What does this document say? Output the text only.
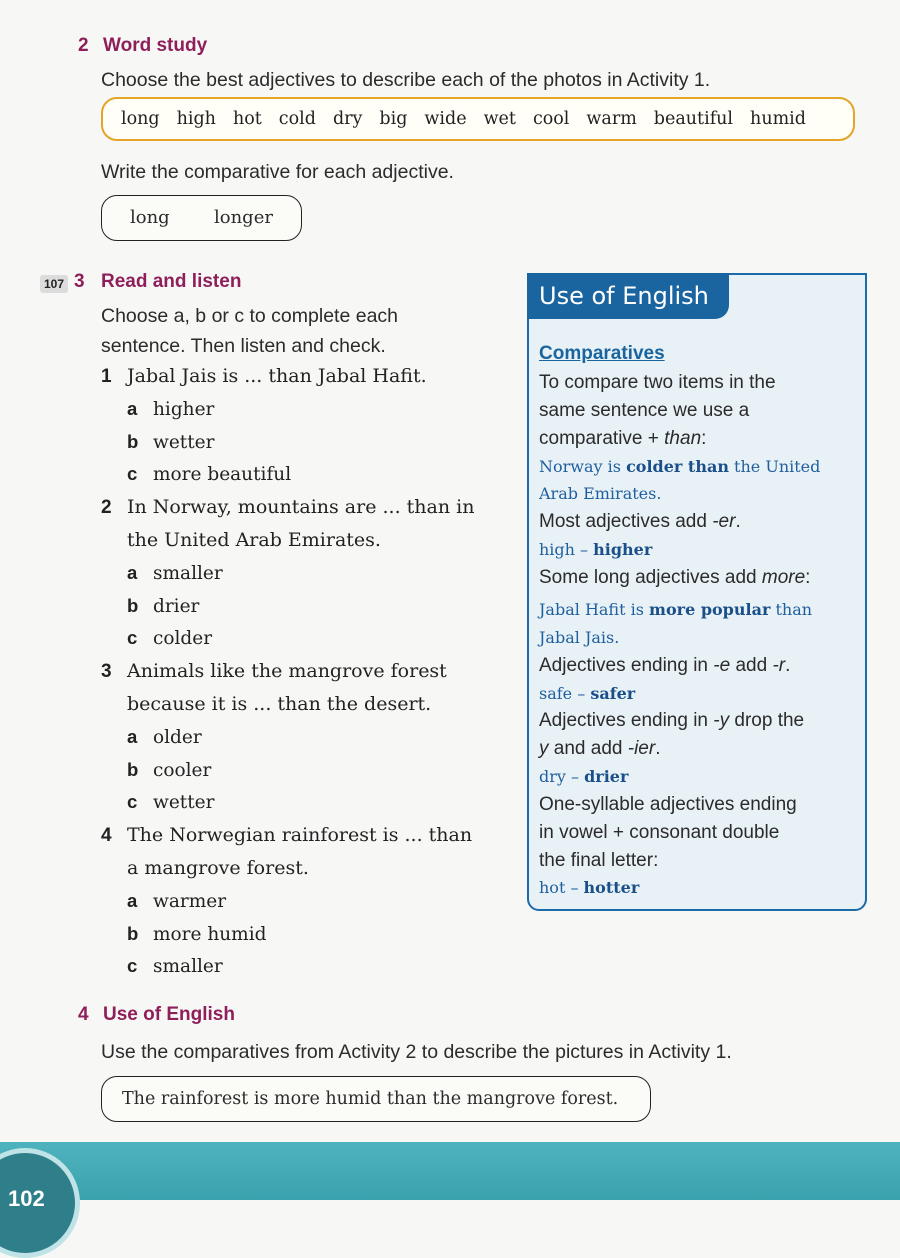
2 Word study
Choose the best adjectives to describe each of the photos in Activity 1.
long high hot cold dry big wide wet cool warm beautiful humid
Write the comparative for each adjective.
long longer
107 3 Read and listen
Choose a, b or c to complete each
sentence. Then listen and check.
1 Jabal Jais is ... than Jabal Hafit.
a higher
b wetter
c more beautiful
2 In Norway, mountains are ... than in
the United Arab Emirates.
a smaller
b drier
c colder
3 Animals like the mangrove forest
because it is ... than the desert.
a older
b cooler
c wetter
4 The Norwegian rainforest is ... than
a mangrove forest.
a warmer
b more humid
c smaller
Use of English
Comparatives
To compare two items in the
same sentence we use a
comparative + than:
Norway is colder than the United
Arab Emirates.
Most adjectives add -er.
high – higher
Some long adjectives add more:
Jabal Hafit is more popular than
Jabal Jais.
Adjectives ending in -e add -r.
safe – safer
Adjectives ending in -y drop the
y and add -ier.
dry – drier
One-syllable adjectives ending
in vowel + consonant double
the final letter:
hot – hotter
4 Use of English
Use the comparatives from Activity 2 to describe the pictures in Activity 1.
The rainforest is more humid than the mangrove forest.
102
